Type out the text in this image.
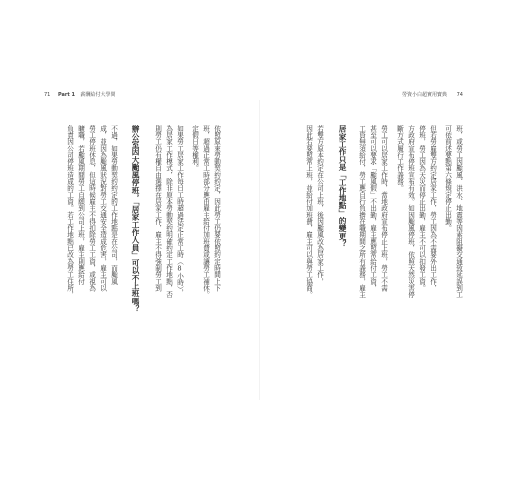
71 Part 1 薪酬給付大學問	勞資小白超實用寶典 74
班，或勞工因颱風、洪水、地震等因素阻礙交通致延誤到工
可依前述要點第六條規定停止出勤。
但若勞雇雙方約定居家工作，勞工因為不需要外出工作，
停班，勞工因為天災而停止出勤，雇主不可以扣發工資。
方政府宣布停班宣布有效。如因颱風停班，依照天然災害停
斷方式履行工作義務。
勞工可以居家工作時，當地政府宣布停止上班，勞工不需
甚至可以要求「颱風假」不出勤，雇主應照常給付工資，
工資無須給付，勞工應自行負擔在職期間之所有義務，雇主
居家工作只是「工作地點」的變更？
若雙方原本約定在公司上班，後因颱風改為居家工作，
因此若要照常上班，並給付加班費，雇主可以與勞工協商。
依照原來勞動契約約定，因此勞工仍要依照約定時間上下
班，超過正常工時部分應由雇主給付加班費或讓勞工補休。
定假日等權利。
如果勞工居家工作每日工時超過法定正常工時（8小時），
為居家工作模式，除非原本勞動契約明確約定工作地點，否
則勞工仍有權自由選擇在居家工作，雇主不得強制勞工到
辦公室因大颱風停班，「居家工作人員」可以不上班嗎？
不過，如果勞動契約約定的工作地點是在公司，而颱風
成，並因為颱風狀況對勞工交通安全造成危害，雇主可以
勞工停班休息，但這時候雇主不得扣除勞工工資，或視為
曠職，若颱風期間勞工自願到公司上班，雇主則應給付
負責因公司停班造成的工資。若工作地點已改為勞工住所，
